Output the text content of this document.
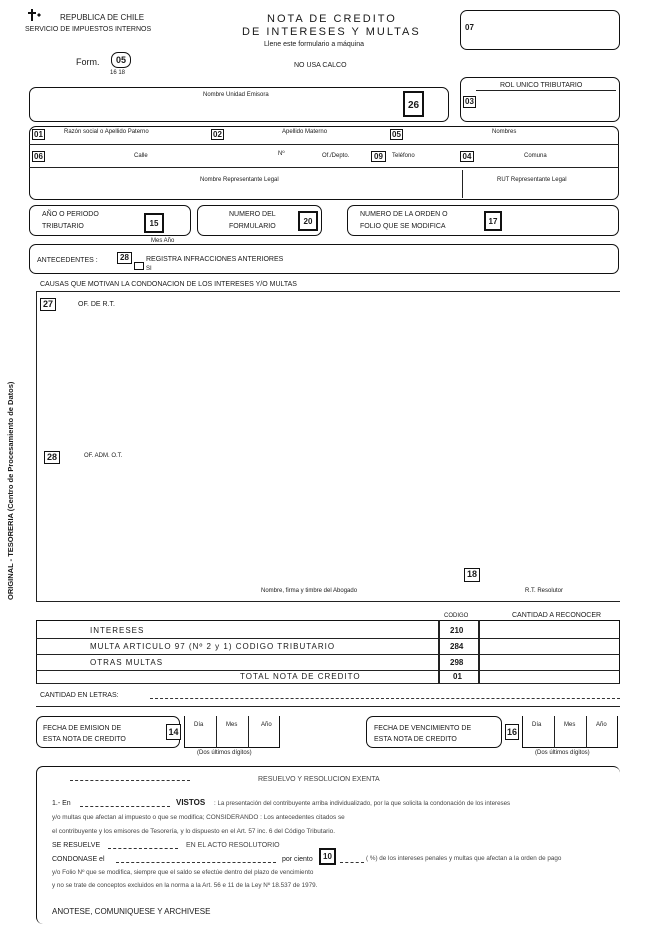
REPUBLICA DE CHILE
SERVICIO DE IMPUESTOS INTERNOS
NOTA DE CREDITO
DE INTERESES Y MULTAS
Llene este formulario a máquina
07
Form.	05
16 18
NO USA CALCO
Nombre Unidad Emisora
26
ROL UNICO TRIBUTARIO
03
01	Razón social o Apellido Paterno	02	Apellido Materno	05	Nombres
06	Calle	Nº	Of./Depto.	09	Teléfono	04	Comuna
Nombre Representante Legal	RUT Representante Legal
AÑO O PERIODO
TRIBUTARIO	15
Mes Año
NUMERO DEL
FORMULARIO
20
NUMERO DE LA ORDEN O
FOLIO QUE SE MODIFICA
17
ANTECEDENTES :	28	REGISTRA INFRACCIONES ANTERIORES
SI
CAUSAS QUE MOTIVAN LA CONDONACION DE LOS INTERESES Y/O MULTAS
27	OF. DE R.T.
28	OF. ADM. O.T.
18
Nombre, firma y timbre del Abogado	R.T. Resolutor
CODIGO	CANTIDAD A RECONOCER
INTERESES	210
MULTA ARTICULO 97 (Nº 2 y 1) CODIGO TRIBUTARIO	284
OTRAS MULTAS	298
TOTAL NOTA DE CREDITO	01
CANTIDAD EN LETRAS:
FECHA DE EMISION DE
ESTA NOTA DE CREDITO
14
Día	Mes	Año
(Dos últimos dígitos)
FECHA DE VENCIMIENTO DE
ESTA NOTA DE CREDITO
16
Día	Mes	Año
(Dos últimos dígitos)
RESUELVO Y RESOLUCION EXENTA
1.- En	VISTOS : La presentación del contribuyente arriba individualizado, por la que solicita la condonación de los intereses
y/o multas que afectan al impuesto o que se modifica; CONSIDERANDO : Los antecedentes citados se
el contribuyente y los emisores de Tesorería, y lo dispuesto en el Art. 57 inc. 6 del Código Tributario.
SE RESUELVE	EN EL ACTO RESOLUTORIO
CONDONASE el	por ciento	10	( %) de los intereses penales y multas que afectan a la orden de pago
y/o Folio Nº que se modifica, siempre que el saldo se efectúe dentro del plazo de vencimiento
y no se trate de conceptos excluidos en la norma a la Art. 56 e 11 de la Ley Nº 18.537 de 1979.
ANOTESE, COMUNIQUESE Y ARCHIVESE
ORIGINAL - TESORERIA (Centro de Procesamiento de Datos)
